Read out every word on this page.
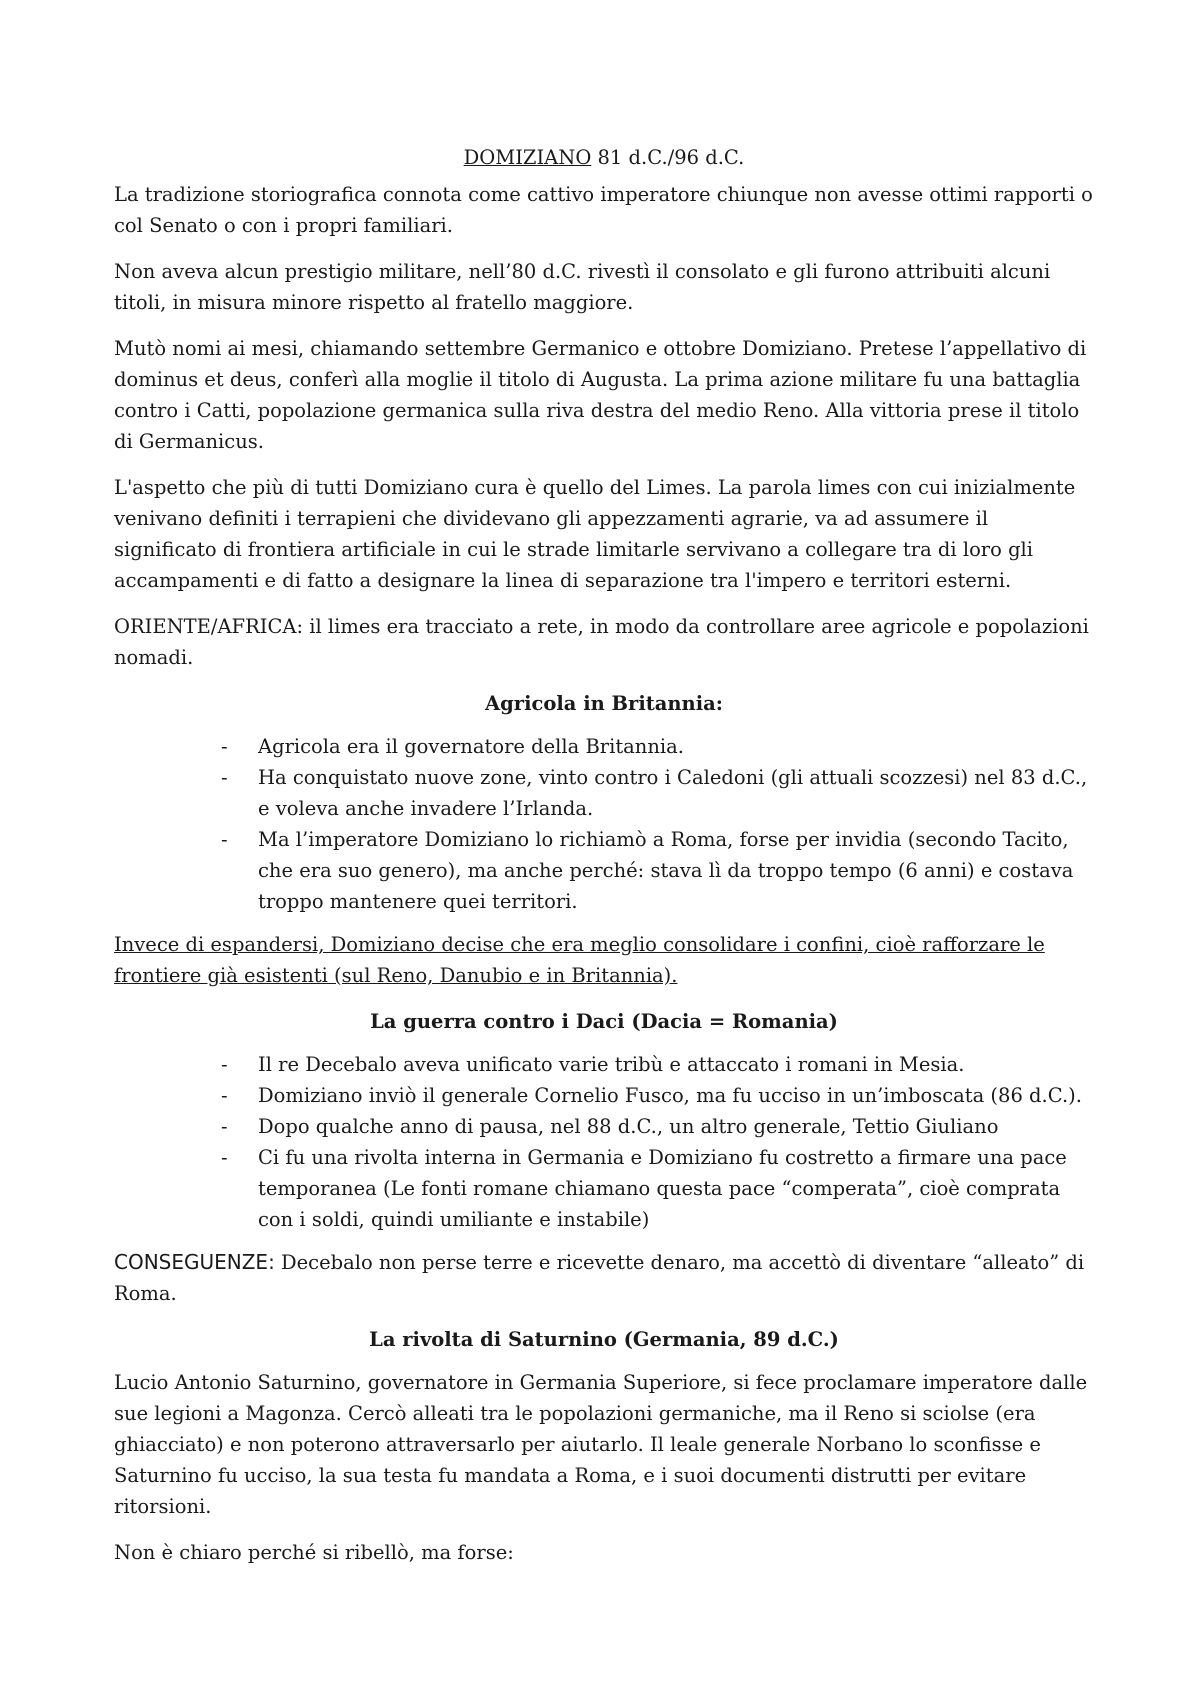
DOMIZIANO 81 d.C./96 d.C.

La tradizione storiografica connota come cattivo imperatore chiunque non avesse ottimi rapporti o col Senato o con i propri familiari.

Non aveva alcun prestigio militare, nell’80 d.C. rivestì il consolato e gli furono attribuiti alcuni titoli, in misura minore rispetto al fratello maggiore.

Mutò nomi ai mesi, chiamando settembre Germanico e ottobre Domiziano. Pretese l’appellativo di dominus et deus, conferì alla moglie il titolo di Augusta. La prima azione militare fu una battaglia contro i Catti, popolazione germanica sulla riva destra del medio Reno. Alla vittoria prese il titolo di Germanicus.

L'aspetto che più di tutti Domiziano cura è quello del Limes. La parola limes con cui inizialmente venivano definiti i terrapieni che dividevano gli appezzamenti agrarie, va ad assumere il significato di frontiera artificiale in cui le strade limitarle servivano a collegare tra di loro gli accampamenti e di fatto a designare la linea di separazione tra l'impero e territori esterni.

ORIENTE/AFRICA: il limes era tracciato a rete, in modo da controllare aree agricole e popolazioni nomadi.

Agricola in Britannia:
- Agricola era il governatore della Britannia.
- Ha conquistato nuove zone, vinto contro i Caledoni (gli attuali scozzesi) nel 83 d.C., e voleva anche invadere l’Irlanda.
- Ma l’imperatore Domiziano lo richiamò a Roma, forse per invidia (secondo Tacito, che era suo genero), ma anche perché: stava lì da troppo tempo (6 anni) e costava troppo mantenere quei territori.

Invece di espandersi, Domiziano decise che era meglio consolidare i confini, cioè rafforzare le frontiere già esistenti (sul Reno, Danubio e in Britannia).

La guerra contro i Daci (Dacia = Romania)
- Il re Decebalo aveva unificato varie tribù e attaccato i romani in Mesia.
- Domiziano inviò il generale Cornelio Fusco, ma fu ucciso in un’imboscata (86 d.C.).
- Dopo qualche anno di pausa, nel 88 d.C., un altro generale, Tettio Giuliano
- Ci fu una rivolta interna in Germania e Domiziano fu costretto a firmare una pace temporanea (Le fonti romane chiamano questa pace “comperata”, cioè comprata con i soldi, quindi umiliante e instabile)

CONSEGUENZE: Decebalo non perse terre e ricevette denaro, ma accettò di diventare “alleato” di Roma.

La rivolta di Saturnino (Germania, 89 d.C.)

Lucio Antonio Saturnino, governatore in Germania Superiore, si fece proclamare imperatore dalle sue legioni a Magonza. Cercò alleati tra le popolazioni germaniche, ma il Reno si sciolse (era ghiacciato) e non poterono attraversarlo per aiutarlo. Il leale generale Norbano lo sconfisse e Saturnino fu ucciso, la sua testa fu mandata a Roma, e i suoi documenti distrutti per evitare ritorsioni.

Non è chiaro perché si ribellò, ma forse:
